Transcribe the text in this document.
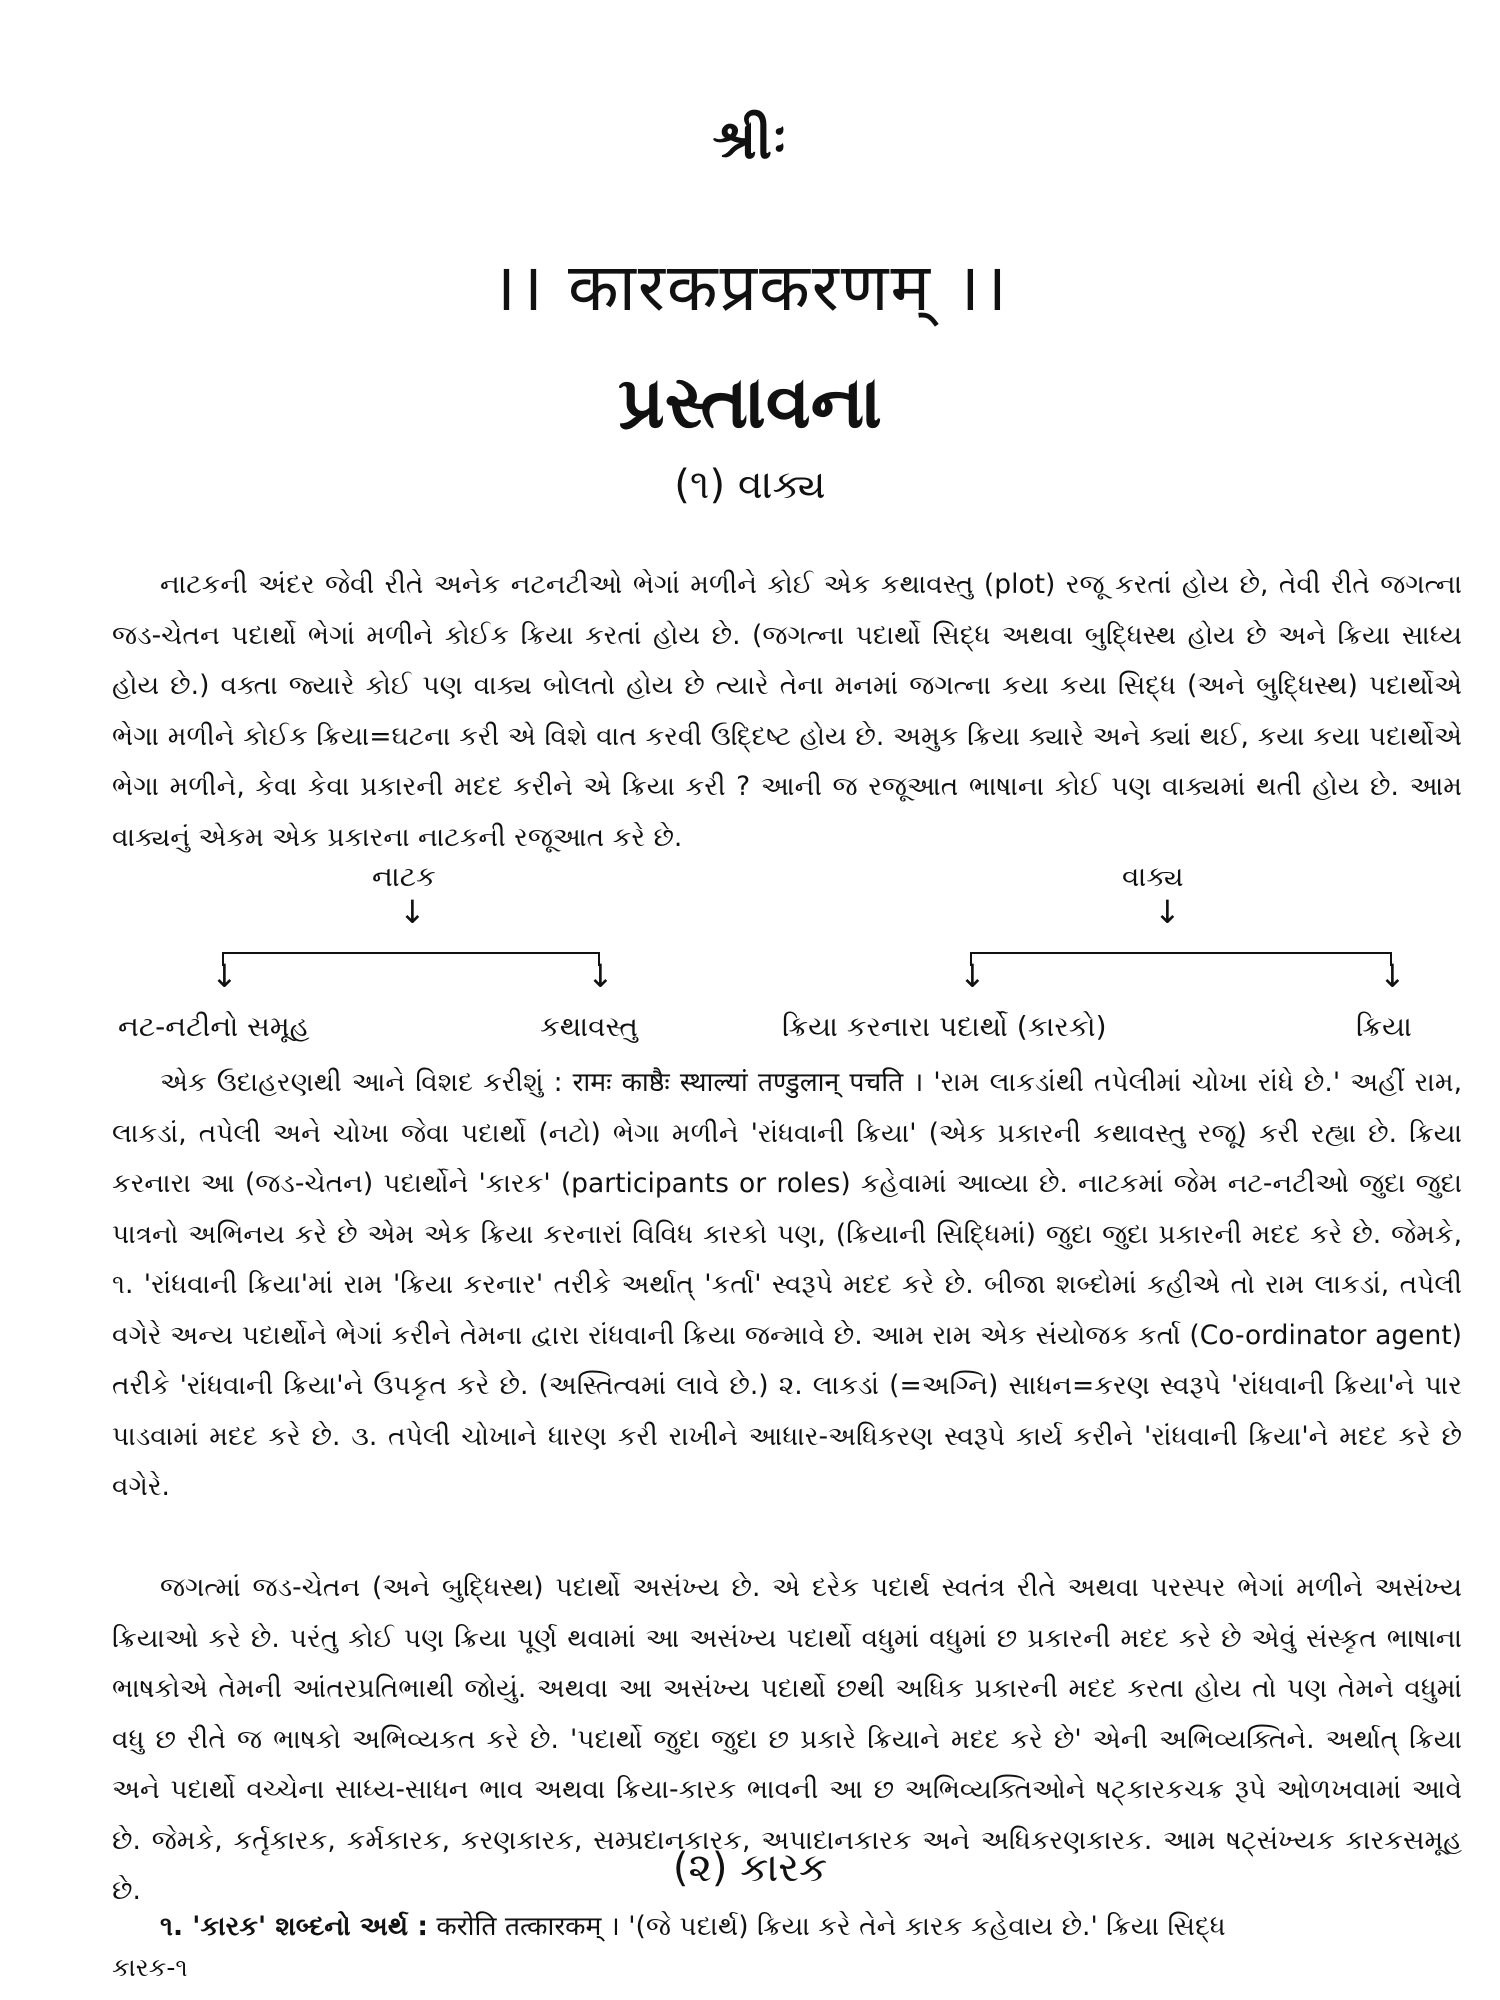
શ્રીઃ
।। कारकप्रकरणम् ।।
પ્રસ્તાવના
(૧) વાક્ય

નાટકની અંદર જેવી રીતે અનેક નટનટીઓ ભેગાં મળીને કોઈ એક કથાવસ્તુ (plot) રજૂ કરતાં હોય છે, તેવી રીતે જગત્ના જડ-ચેતન પદાર્થો ભેગાં મળીને કોઈક ક્રિયા કરતાં હોય છે. (જગત્ના પદાર્થો સિદ્ધ અથવા બુદ્ધિસ્થ હોય છે અને ક્રિયા સાધ્ય હોય છે.) વક્તા જ્યારે કોઈ પણ વાક્ય બોલતો હોય છે ત્યારે તેના મનમાં જગત્ના કયા કયા સિદ્ધ (અને બુદ્ધિસ્થ) પદાર્થોએ ભેગા મળીને કોઈક ક્રિયા=ઘટના કરી એ વિશે વાત કરવી ઉદ્દિષ્ટ હોય છે. અમુક ક્રિયા ક્યારે અને ક્યાં થઈ, કયા કયા પદાર્થોએ ભેગા મળીને, કેવા કેવા પ્રકારની મદદ કરીને એ ક્રિયા કરી ? આની જ રજૂઆત ભાષાના કોઈ પણ વાક્યમાં થતી હોય છે. આમ વાક્યનું એકમ એક પ્રકારના નાટકની રજૂઆત કરે છે.

નાટક
↓
↓	↓
નટ-નટીનો સમૂહ	કથાવસ્તુ
વાક્ય
↓
↓	↓
ક્રિયા કરનારા પદાર્થો (કારકો)	ક્રિયા

એક ઉદાહરણથી આને વિશદ કરીશું : रामः काष्ठैः स्थाल्यां तण्डुलान् पचति । 'રામ લાકડાંથી તપેલીમાં ચોખા રાંધે છે.' અહીં રામ, લાકડાં, તપેલી અને ચોખા જેવા પદાર્થો (નટો) ભેગા મળીને 'રાંધવાની ક્રિયા' (એક પ્રકારની કથાવસ્તુ રજૂ) કરી રહ્યા છે. ક્રિયા કરનારા આ (જડ-ચેતન) પદાર્થોને 'કારક' (participants or roles) કહેવામાં આવ્યા છે. નાટકમાં જેમ નટ-નટીઓ જુદા જુદા પાત્રનો અભિનય કરે છે એમ એક ક્રિયા કરનારાં વિવિધ કારકો પણ, (ક્રિયાની સિદ્ધિમાં) જુદા જુદા પ્રકારની મદદ કરે છે. જેમકે, ૧. 'રાંધવાની ક્રિયા'માં રામ 'ક્રિયા કરનાર' તરીકે અર્થાત્ 'કર્તા' સ્વરૂપે મદદ કરે છે. બીજા શબ્દોમાં કહીએ તો રામ લાકડાં, તપેલી વગેરે અન્ય પદાર્થોને ભેગાં કરીને તેમના દ્વારા રાંધવાની ક્રિયા જન્માવે છે. આમ રામ એક સંયોજક કર્તા (Co-ordinator agent) તરીકે 'રાંધવાની ક્રિયા'ને ઉપકૃત કરે છે. (અસ્તિત્વમાં લાવે છે.) ૨. લાકડાં (=અગ્નિ) સાધન=કરણ સ્વરૂપે 'રાંધવાની ક્રિયા'ને પાર પાડવામાં મદદ કરે છે. ૩. તપેલી ચોખાને ધારણ કરી રાખીને આધાર-અધિકરણ સ્વરૂપે કાર્ય કરીને 'રાંધવાની ક્રિયા'ને મદદ કરે છે વગેરે.

જગત્માં જડ-ચેતન (અને બુદ્ધિસ્થ) પદાર્થો અસંખ્ય છે. એ દરેક પદાર્થ સ્વતંત્ર રીતે અથવા પરસ્પર ભેગાં મળીને અસંખ્ય ક્રિયાઓ કરે છે. પરંતુ કોઈ પણ ક્રિયા પૂર્ણ થવામાં આ અસંખ્ય પદાર્થો વધુમાં વધુમાં છ પ્રકારની મદદ કરે છે એવું સંસ્કૃત ભાષાના ભાષકોએ તેમની આંતરપ્રતિભાથી જોયું. અથવા આ અસંખ્ય પદાર્થો છથી અધિક પ્રકારની મદદ કરતા હોય તો પણ તેમને વધુમાં વધુ છ રીતે જ ભાષકો અભિવ્યકત કરે છે. 'પદાર્થો જુદા જુદા છ પ્રકારે ક્રિયાને મદદ કરે છે' એની અભિવ્યક્તિને. અર્થાત્ ક્રિયા અને પદાર્થો વચ્ચેના સાધ્ય-સાધન ભાવ અથવા ક્રિયા-કારક ભાવની આ છ અભિવ્યક્તિઓને ષટ્કારકચક્ર રૂપે ઓળખવામાં આવે છે. જેમકે, કર્તૃકારક, કર્મકારક, કરણકારક, સમ્પ્રદાનકારક, અપાદાનકારક અને અધિકરણકારક. આમ ષટ્સંખ્યક કારકસમૂહ છે.	(૨) કારક

૧. 'કારક' શબ્દનો અર્થ : करोति तत्कारकम् । '(જે પદાર્થ) ક્રિયા કરે તેને કારક કહેવાય છે.' ક્રિયા સિદ્ધ

કારક-૧
